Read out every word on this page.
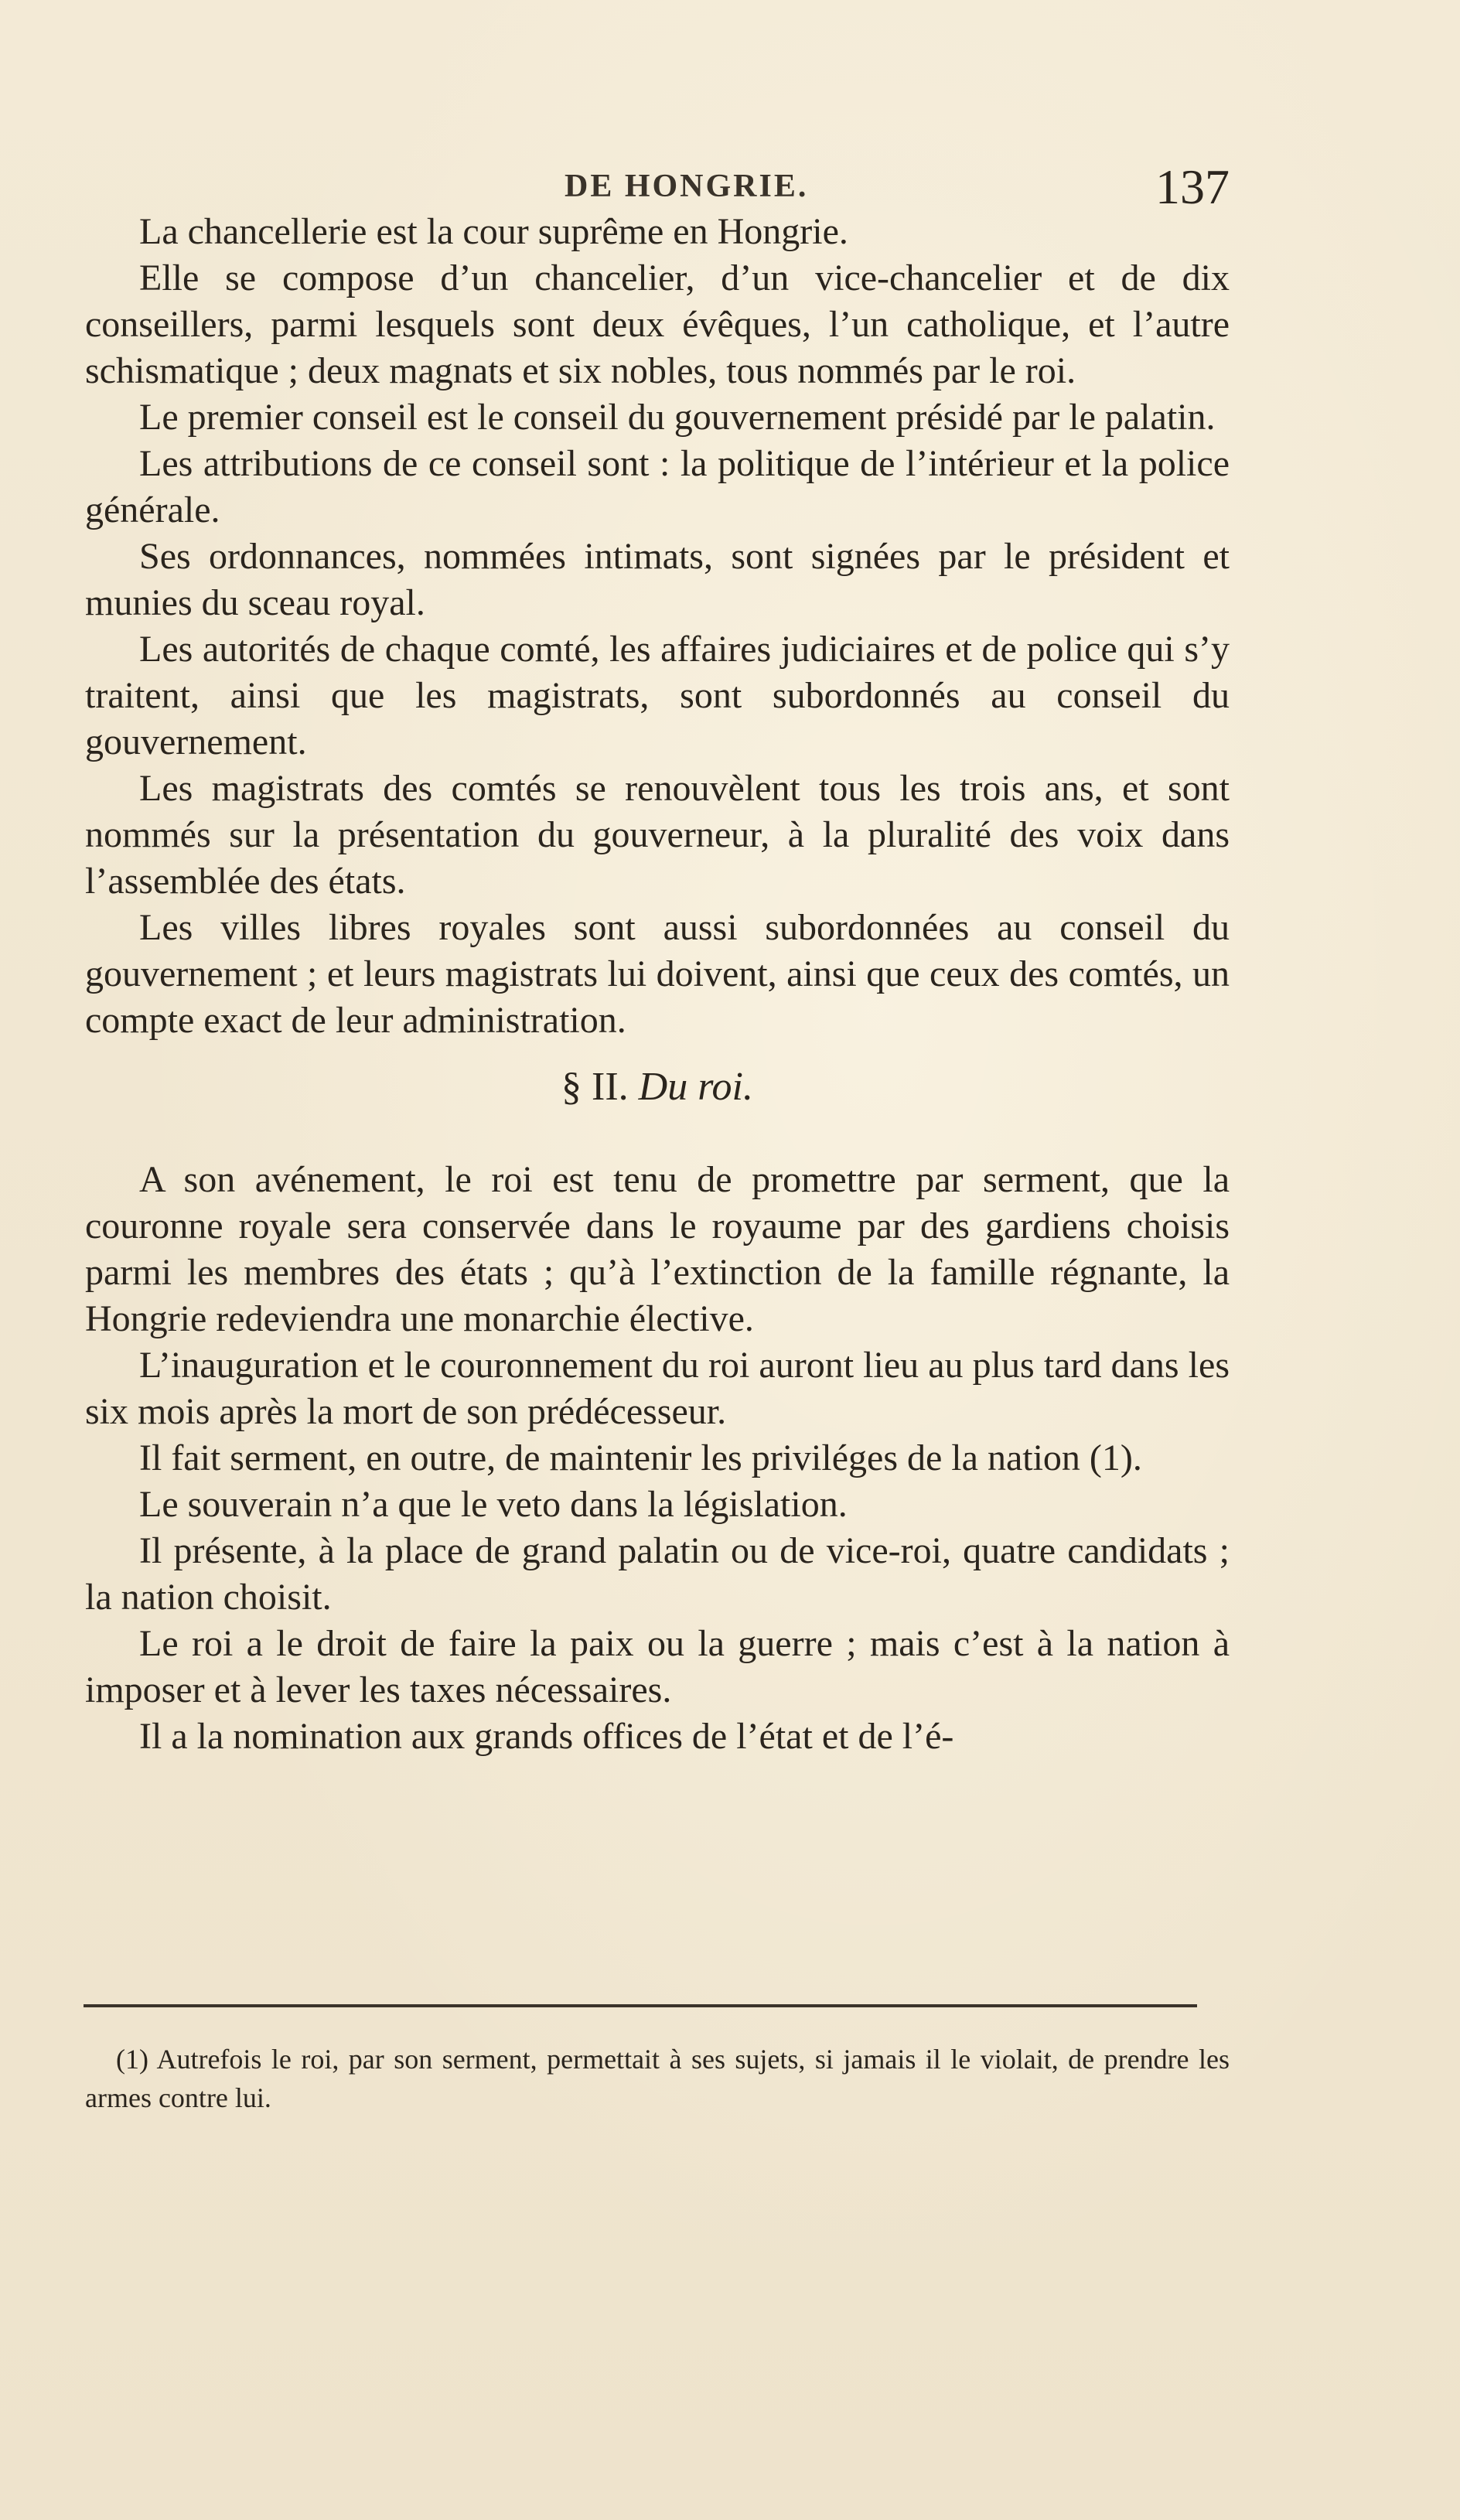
DE HONGRIE.	137

La chancellerie est la cour suprême en Hongrie.

Elle se compose d’un chancelier, d’un vice-chancelier et de dix conseillers, parmi lesquels sont deux évêques, l’un catholique, et l’autre schismatique ; deux magnats et six nobles, tous nommés par le roi.

Le premier conseil est le conseil du gouvernement présidé par le palatin.

Les attributions de ce conseil sont : la politique de l’intérieur et la police générale.

Ses ordonnances, nommées intimats, sont signées par le président et munies du sceau royal.

Les autorités de chaque comté, les affaires judiciaires et de police qui s’y traitent, ainsi que les magistrats, sont subordonnés au conseil du gouvernement.

Les magistrats des comtés se renouvèlent tous les trois ans, et sont nommés sur la présentation du gouverneur, à la pluralité des voix dans l’assemblée des états.

Les villes libres royales sont aussi subordonnées au conseil du gouvernement ; et leurs magistrats lui doivent, ainsi que ceux des comtés, un compte exact de leur administration.

§ II. Du roi.

A son avénement, le roi est tenu de promettre par serment, que la couronne royale sera conservée dans le royaume par des gardiens choisis parmi les membres des états ; qu’à l’extinction de la famille régnante, la Hongrie redeviendra une monarchie élective.

L’inauguration et le couronnement du roi auront lieu au plus tard dans les six mois après la mort de son prédécesseur.

Il fait serment, en outre, de maintenir les priviléges de la nation (1).

Le souverain n’a que le veto dans la législation.

Il présente, à la place de grand palatin ou de vice-roi, quatre candidats ; la nation choisit.

Le roi a le droit de faire la paix ou la guerre ; mais c’est à la nation à imposer et à lever les taxes nécessaires.

Il a la nomination aux grands offices de l’état et de l’é-

(1) Autrefois le roi, par son serment, permettait à ses sujets, si jamais il le violait, de prendre les armes contre lui.
